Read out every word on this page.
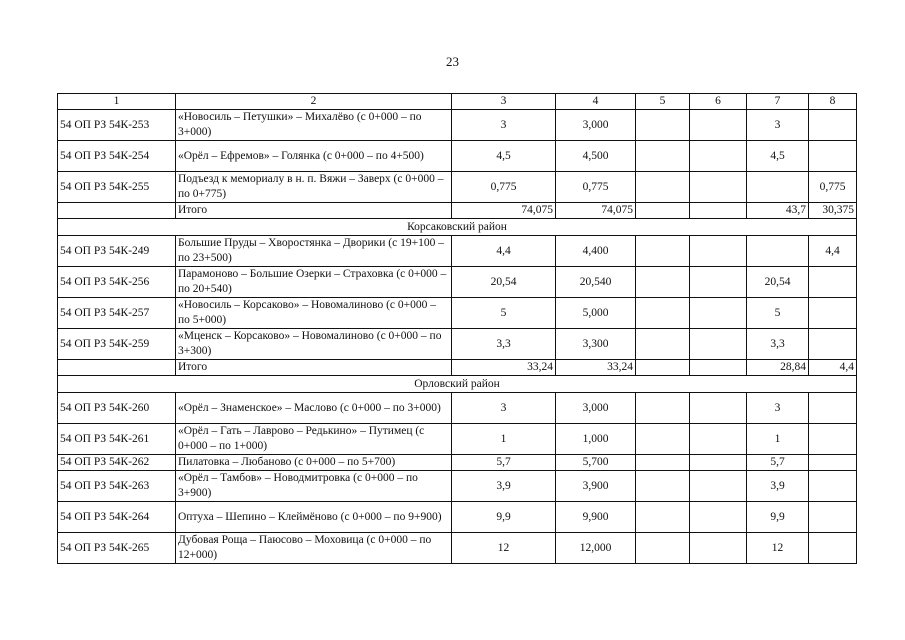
23
1	2	3	4	5	6	7	8
54 ОП РЗ 54К-253	«Новосиль – Петушки» – Михалёво (с 0+000 – по 3+000)	3	3,000			3	
54 ОП РЗ 54К-254	«Орёл – Ефремов» – Голянка (с 0+000 – по 4+500)	4,5	4,500			4,5	
54 ОП РЗ 54К-255	Подъезд к мемориалу в н. п. Вяжи – Заверх (с 0+000 – по 0+775)	0,775	0,775				0,775
	Итого	74,075	74,075			43,7	30,375
Корсаковский район							
54 ОП РЗ 54К-249	Большие Пруды – Хворостянка – Дворики (с 19+100 – по 23+500)	4,4	4,400				4,4
54 ОП РЗ 54К-256	Парамоново – Большие Озерки – Страховка (с 0+000 – по 20+540)	20,54	20,540			20,54	
54 ОП РЗ 54К-257	«Новосиль – Корсаково» – Новомалиново (с 0+000 – по 5+000)	5	5,000			5	
54 ОП РЗ 54К-259	«Мценск – Корсаково» – Новомалиново (с 0+000 – по 3+300)	3,3	3,300			3,3	
	Итого	33,24	33,24			28,84	4,4
Орловский район							
54 ОП РЗ 54К-260	«Орёл – Знаменское» – Маслово (с 0+000 – по 3+000)	3	3,000			3	
54 ОП РЗ 54К-261	«Орёл – Гать – Лаврово – Редькино» – Путимец (с 0+000 – по 1+000)	1	1,000			1	
54 ОП РЗ 54К-262	Пилатовка – Любаново (с 0+000 – по 5+700)	5,7	5,700			5,7	
54 ОП РЗ 54К-263	«Орёл – Тамбов» – Новодмитровка (с 0+000 – по 3+900)	3,9	3,900			3,9	
54 ОП РЗ 54К-264	Оптуха – Шепино – Клеймёново (с 0+000 – по 9+900)	9,9	9,900			9,9	
54 ОП РЗ 54К-265	Дубовая Роща – Паюсово – Моховица (с 0+000 – по 12+000)	12	12,000			12	
